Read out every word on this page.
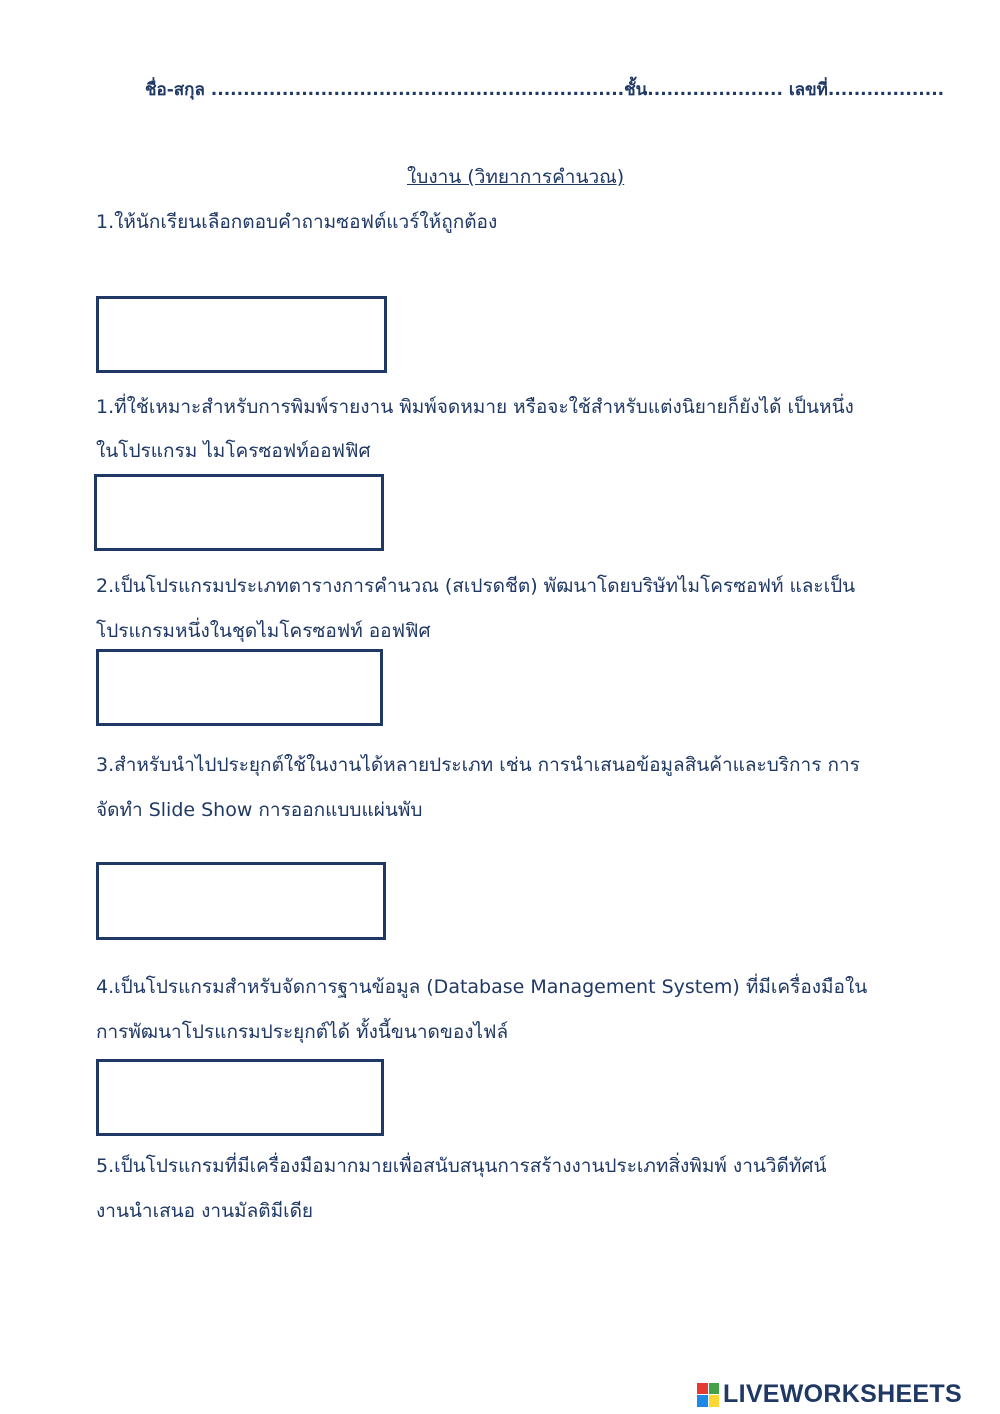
ชื่อ-สกุล ................................................................ชั้น..................... เลขที่..................
ใบงาน (วิทยาการคำนวณ)
1.ให้นักเรียนเลือกตอบคำถามซอฟต์แวร์ให้ถูกต้อง
1.ที่ใช้เหมาะสำหรับการพิมพ์รายงาน พิมพ์จดหมาย หรือจะใช้สำหรับแต่งนิยายก็ยังได้ เป็นหนึ่ง
ในโปรแกรม ไมโครซอฟท์ออฟฟิศ
2.เป็นโปรแกรมประเภทตารางการคำนวณ (สเปรดชีต) พัฒนาโดยบริษัทไมโครซอฟท์ และเป็น
โปรแกรมหนึ่งในชุดไมโครซอฟท์ ออฟฟิศ
3.สำหรับนำไปประยุกต์ใช้ในงานได้หลายประเภท เช่น การนำเสนอข้อมูลสินค้าและบริการ การ
จัดทำ Slide Show การออกแบบแผ่นพับ
4.เป็นโปรแกรมสำหรับจัดการฐานข้อมูล (Database Management System) ที่มีเครื่องมือใน
การพัฒนาโปรแกรมประยุกต์ได้ ทั้งนี้ขนาดของไฟล์
5.เป็นโปรแกรมที่มีเครื่องมือมากมายเพื่อสนับสนุนการสร้างงานประเภทสิ่งพิมพ์ งานวิดีทัศน์
งานนำเสนอ งานมัลติมีเดีย
LIVEWORKSHEETS
